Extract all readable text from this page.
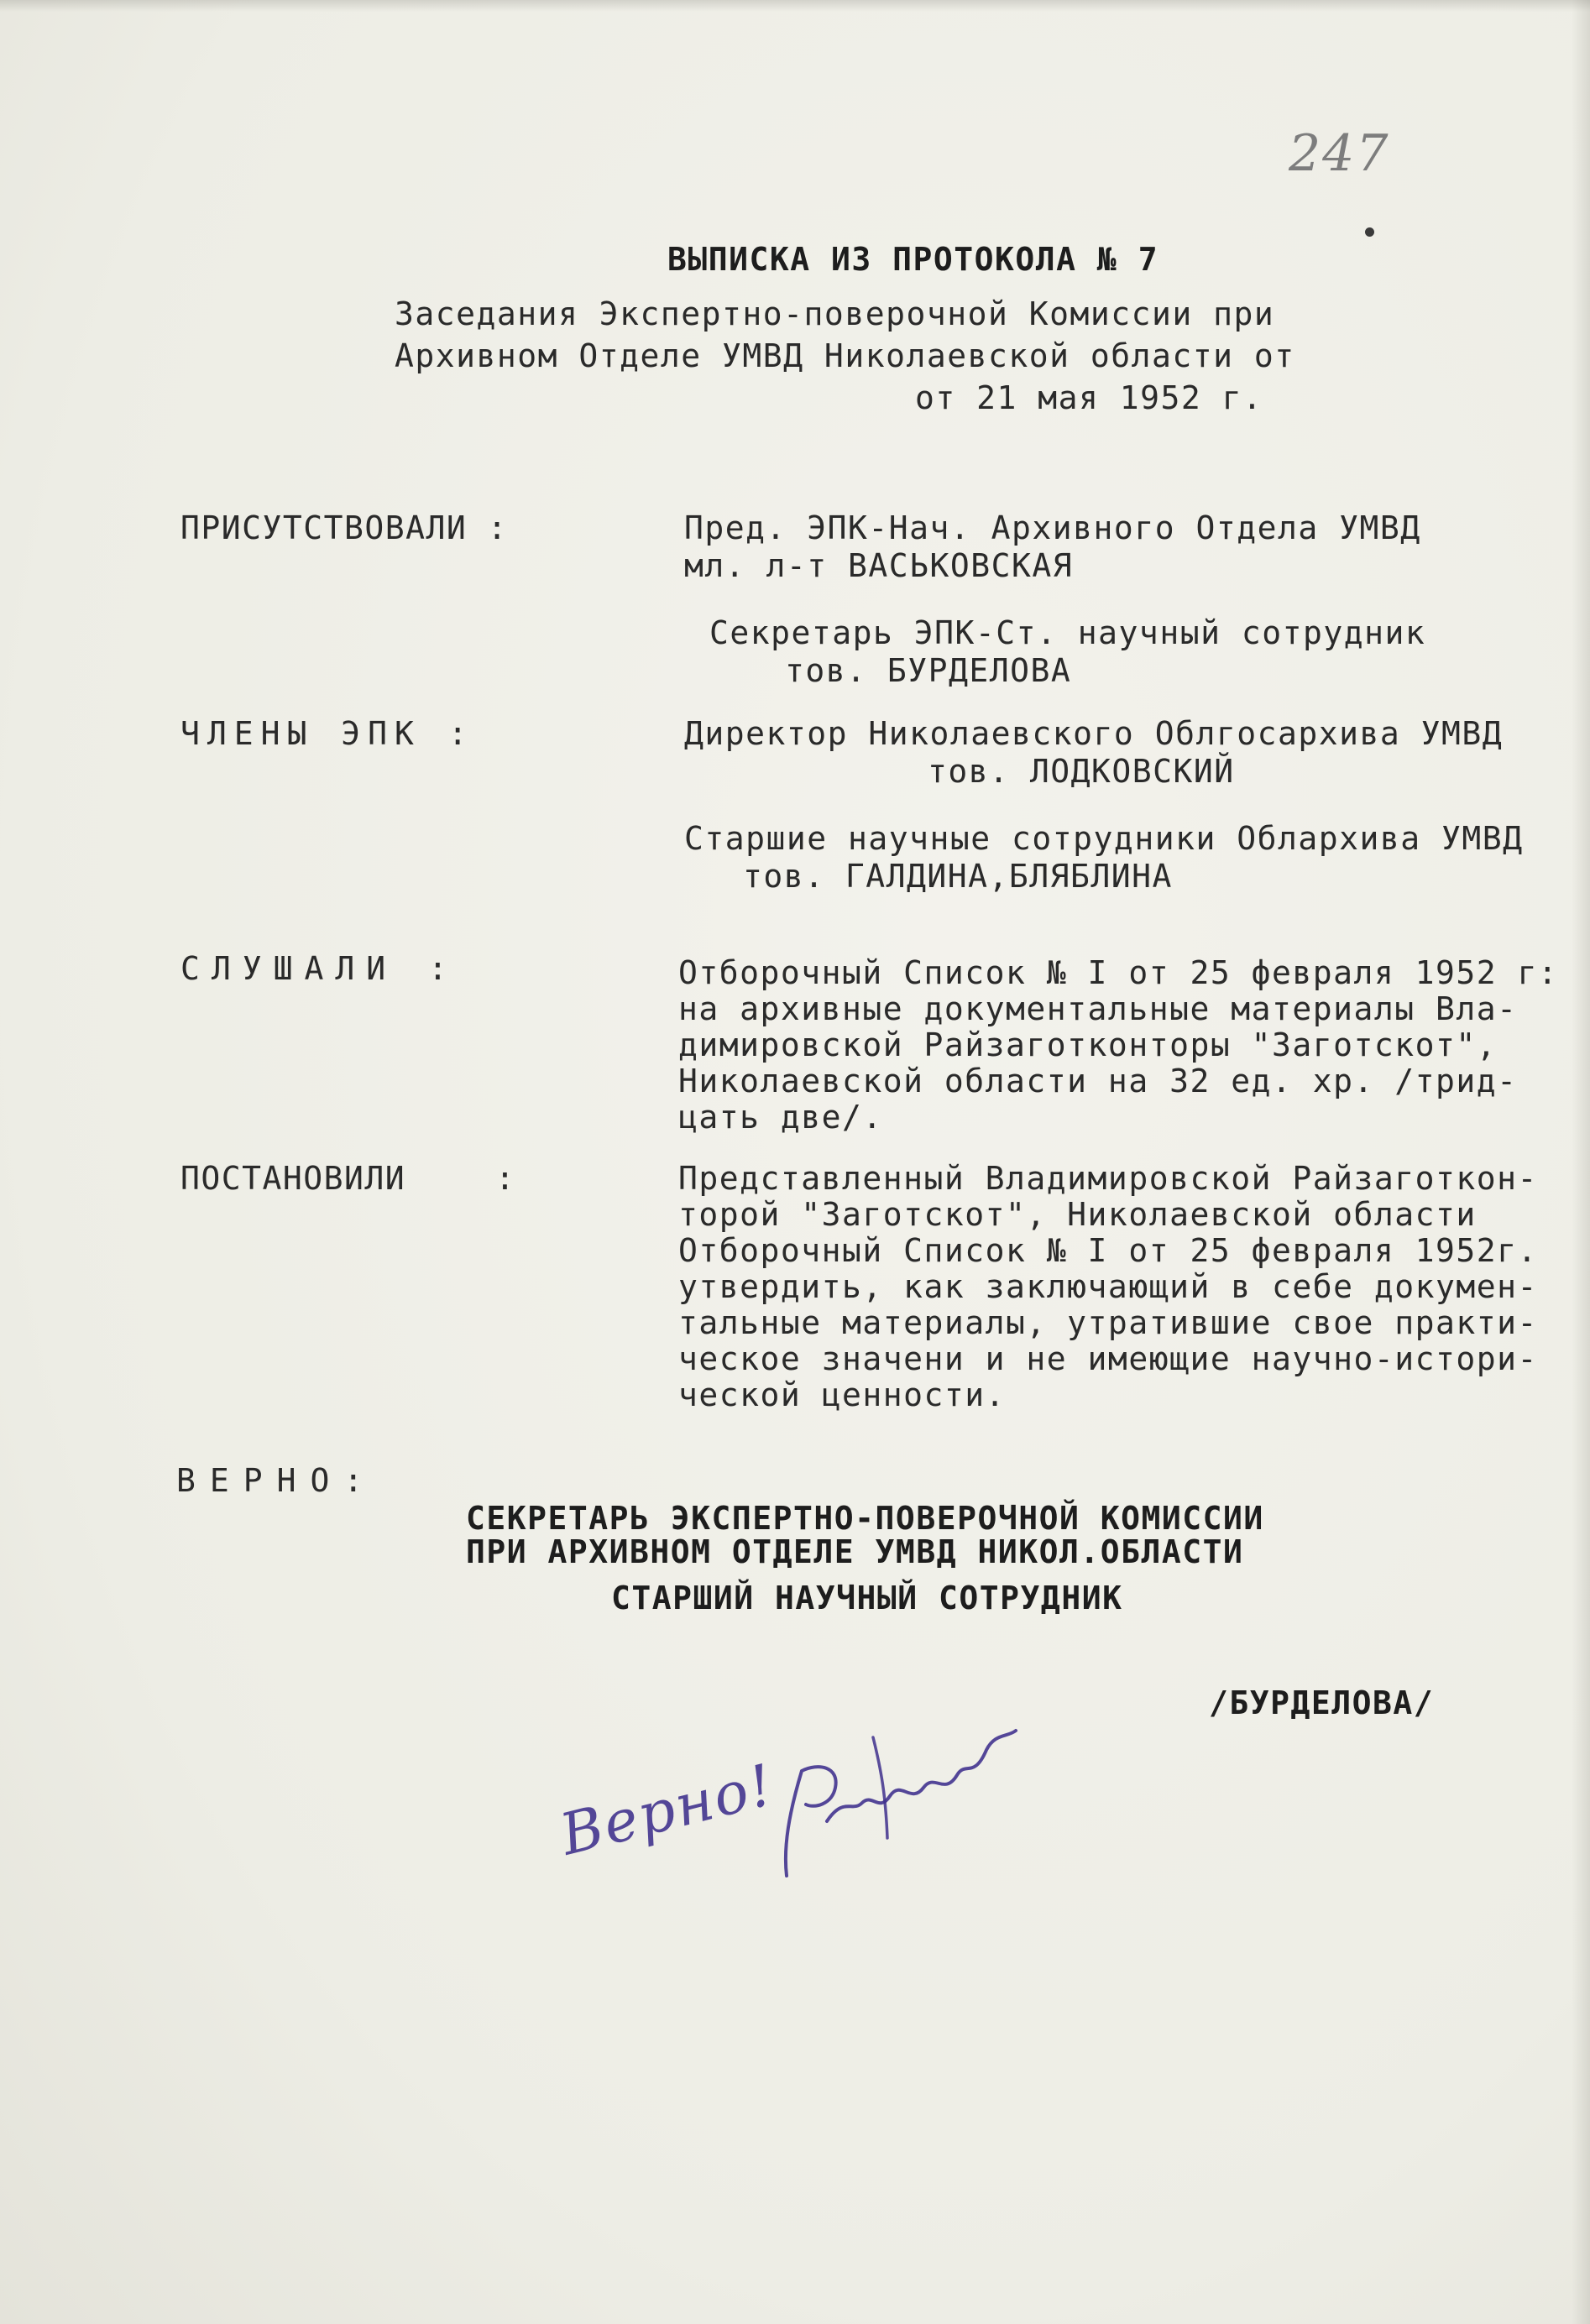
247

ВЫПИСКА ИЗ ПРОТОКОЛА № 7

Заседания Экспертно-поверочной Комиссии при

Архивном Отделе УМВД Николаевской области от

от 21 мая 1952 г.

ПРИСУТСТВОВАЛИ :	Пред. ЭПК-Нач. Архивного Отдела УМВД

мл. л-т ВАСЬКОВСКАЯ

Секретарь ЭПК-Ст. научный сотрудник

тов. БУРДЕЛОВА

ЧЛЕНЫ ЭПК :	Директор Николаевского Облгосархива УМВД

тов. ЛОДКОВСКИЙ

Старшие научные сотрудники Облархива УМВД

тов. ГАЛДИНА,БЛЯБЛИНА

СЛУШАЛИ :	Отборочный Список № I от 25 февраля 1952 г:

на архивные документальные материалы Вла-

димировской Райзаготконторы "Заготскот",

Николаевской области на 32 ед. хр. /трид-

цать две/.

ПОСТАНОВИЛИ	:	Представленный Владимировской Райзаготкон-

торой "Заготскот", Николаевской области

Отборочный Список № I от 25 февраля 1952г.

утвердить, как заключающий в себе докумен-

тальные материалы, утратившие свое практи-

ческое значени и не имеющие научно-истори-

ческой ценности.

ВЕРНО:

СЕКРЕТАРЬ ЭКСПЕРТНО-ПОВЕРОЧНОЙ КОМИССИИ

ПРИ АРХИВНОМ ОТДЕЛЕ УМВД НИКОЛ.ОБЛАСТИ

СТАРШИЙ НАУЧНЫЙ СОТРУДНИК

/БУРДЕЛОВА/

Верно!
